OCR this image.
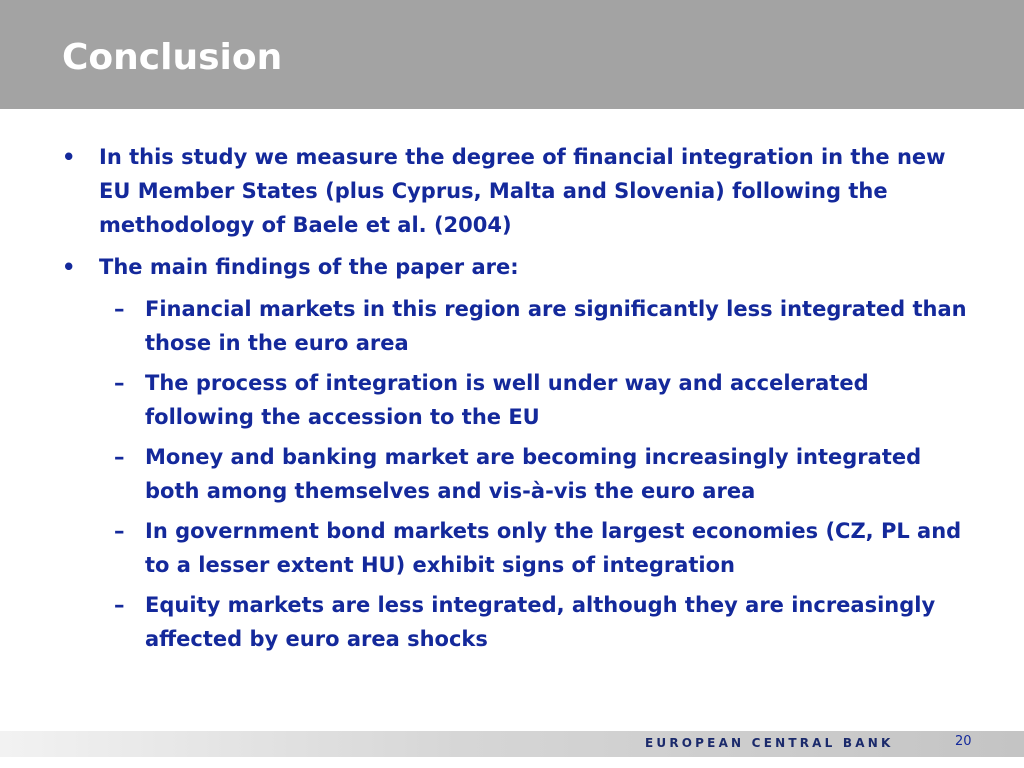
Conclusion
• In this study we measure the degree of financial integration in the new EU Member States (plus Cyprus, Malta and Slovenia) following the methodology of Baele et al. (2004)
• The main findings of the paper are:
– Financial markets in this region are significantly less integrated than those in the euro area
– The process of integration is well under way and accelerated following the accession to the EU
– Money and banking market are becoming increasingly integrated both among themselves and vis-à-vis the euro area
– In government bond markets only the largest economies (CZ, PL and to a lesser extent HU) exhibit signs of integration
– Equity markets are less integrated, although they are increasingly affected by euro area shocks
EUROPEAN CENTRAL BANK	20
